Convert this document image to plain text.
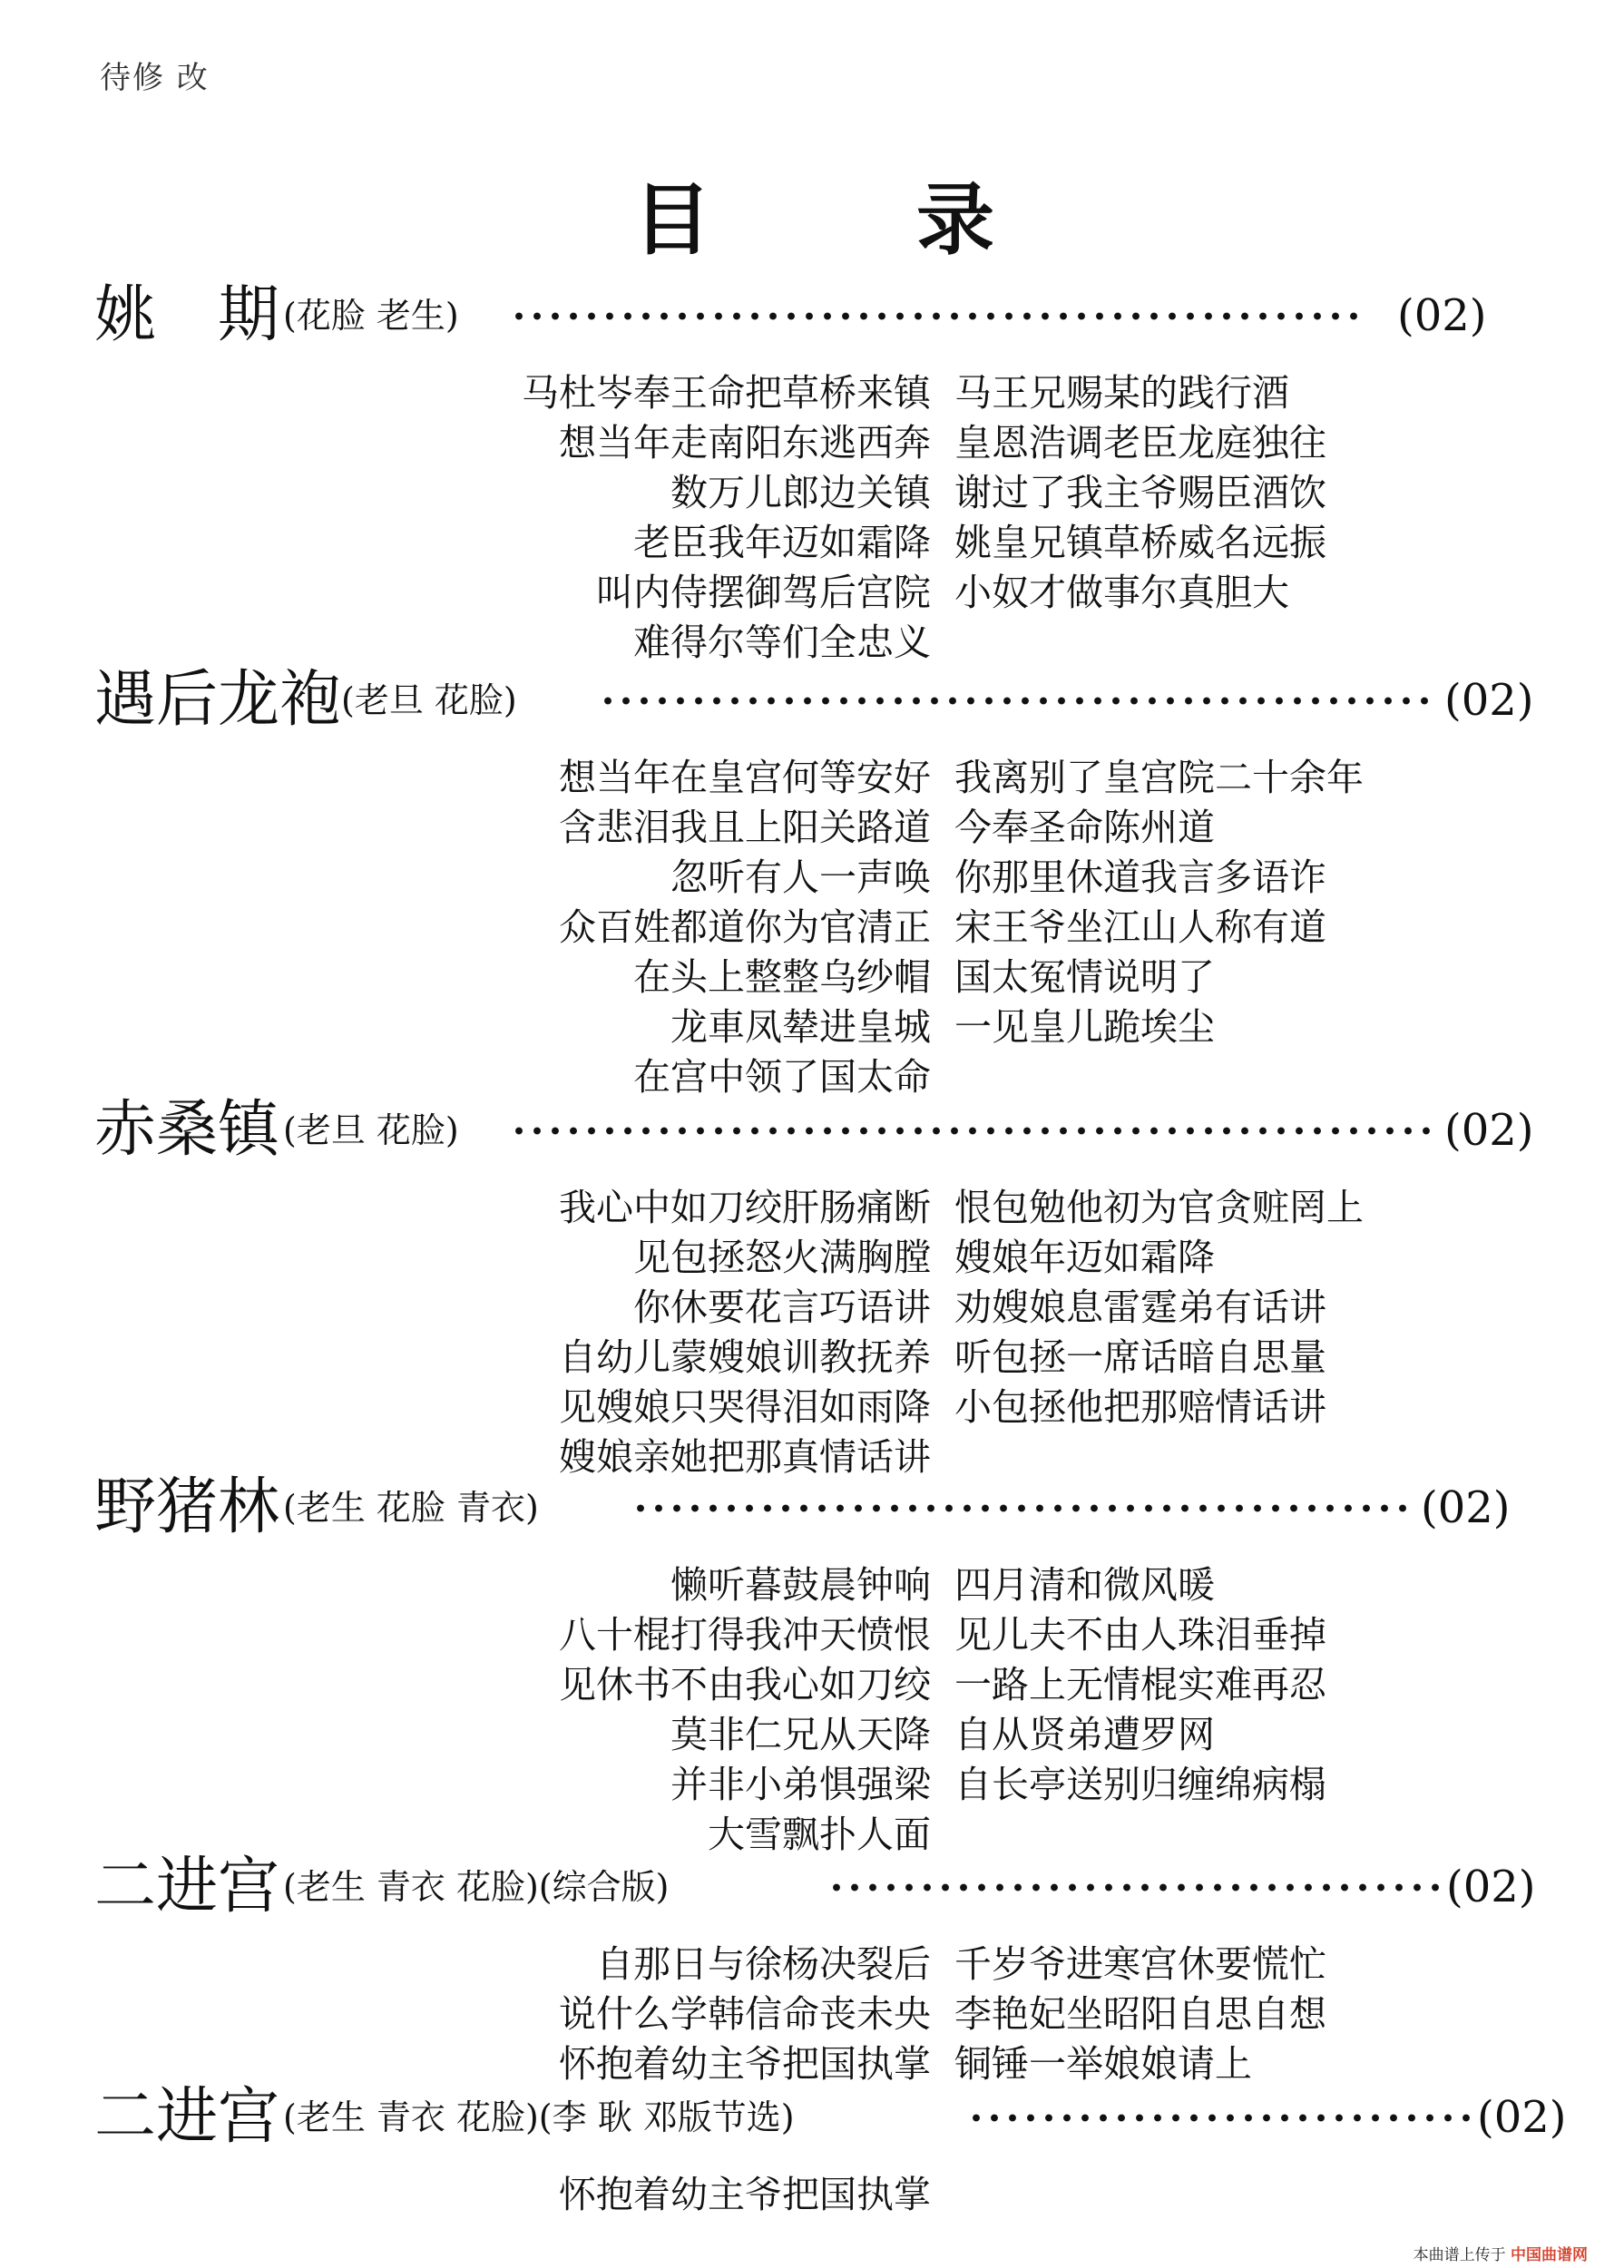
待修 改
目	录
姚　期 (花脸 老生)	(02)
马杜岑奉王命把草桥来镇 马王兄赐某的践行酒
想当年走南阳东逃西奔 皇恩浩调老臣龙庭独往
数万儿郎边关镇 谢过了我主爷赐臣酒饮
老臣我年迈如霜降 姚皇兄镇草桥威名远振
叫内侍摆御驾后宫院 小奴才做事尔真胆大
难得尔等们全忠义
遇后龙袍 (老旦 花脸)	(02)
想当年在皇宫何等安好 我离别了皇宫院二十余年
含悲泪我且上阳关路道 今奉圣命陈州道
忽听有人一声唤 你那里休道我言多语诈
众百姓都道你为官清正 宋王爷坐江山人称有道
在头上整整乌纱帽 国太冤情说明了
龙車凤辇进皇城 一见皇儿跪埃尘
在宫中领了国太命
赤桑镇 (老旦 花脸)	(02)
我心中如刀绞肝肠痛断 恨包勉他初为官贪赃罔上
见包拯怒火满胸膛 嫂娘年迈如霜降
你休要花言巧语讲 劝嫂娘息雷霆弟有话讲
自幼儿蒙嫂娘训教抚养 听包拯一席话暗自思量
见嫂娘只哭得泪如雨降 小包拯他把那赔情话讲
嫂娘亲她把那真情话讲
野猪林 (老生 花脸 青衣)	(02)
懒听暮鼓晨钟响 四月清和微风暖
八十棍打得我冲天愤恨 见儿夫不由人珠泪垂掉
见休书不由我心如刀绞 一路上无情棍实难再忍
莫非仁兄从天降 自从贤弟遭罗网
并非小弟惧强梁 自长亭送别归缠绵病榻
大雪飘扑人面
二进宫 (老生 青衣 花脸)(综合版)	(02)
自那日与徐杨决裂后 千岁爷进寒宫休要慌忙
说什么学韩信命丧未央 李艳妃坐昭阳自思自想
怀抱着幼主爷把国执掌 铜锤一举娘娘请上
二进宫 (老生 青衣 花脸)(李 耿 邓版节选)	(02)
怀抱着幼主爷把国执掌
本曲谱上传于 中国曲谱网
